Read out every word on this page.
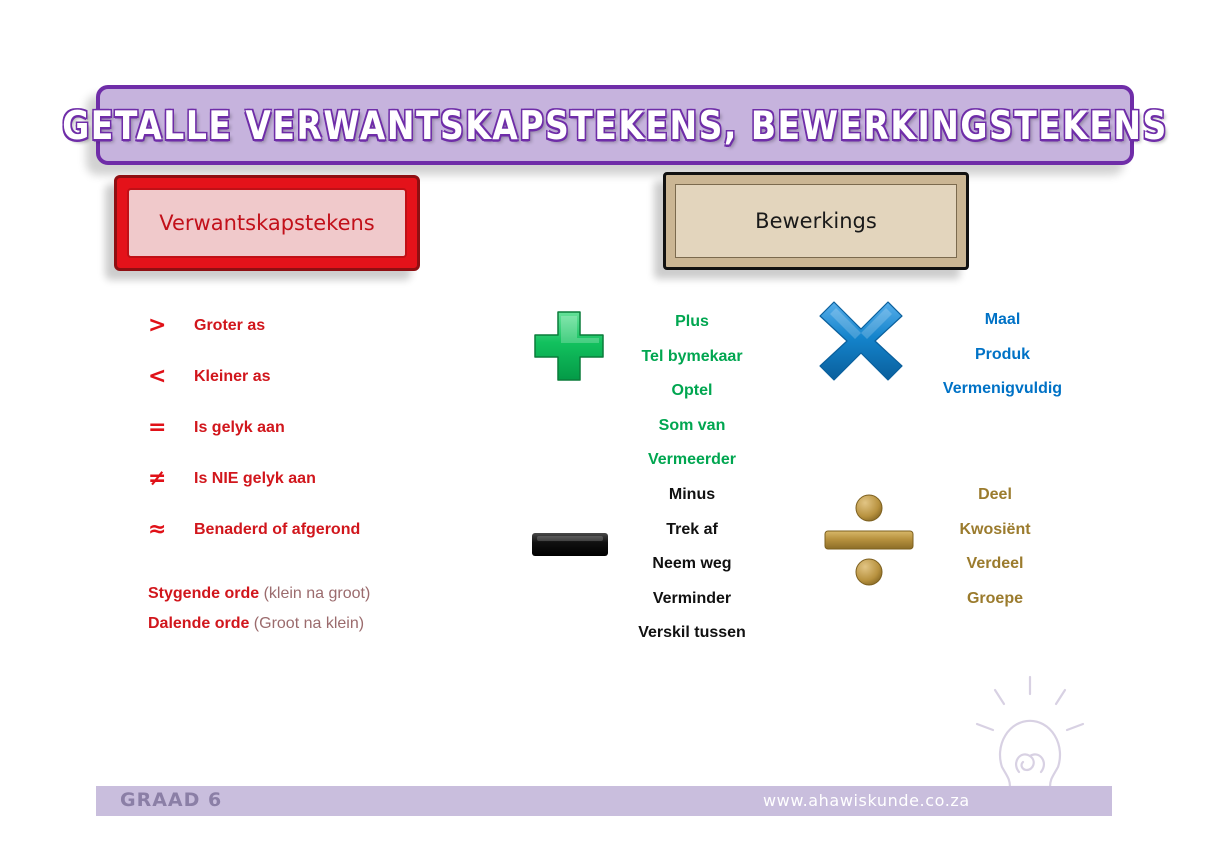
GETALLE VERWANTSKAPSTEKENS, BEWERKINGSTEKENS
Verwantskapstekens	Bewerkings
>	Groter as
<	Kleiner as
=	Is gelyk aan
≠	Is NIE gelyk aan
≈	Benaderd of afgerond
Stygende orde (klein na groot)
Dalende orde (Groot na klein)
Plus
Tel bymekaar
Optel
Som van
Vermeerder
Maal
Produk
Vermenigvuldig
Minus
Trek af
Neem weg
Verminder
Verskil tussen
Deel
Kwosiënt
Verdeel
Groepe
GRAAD 6	www.ahawiskunde.co.za
